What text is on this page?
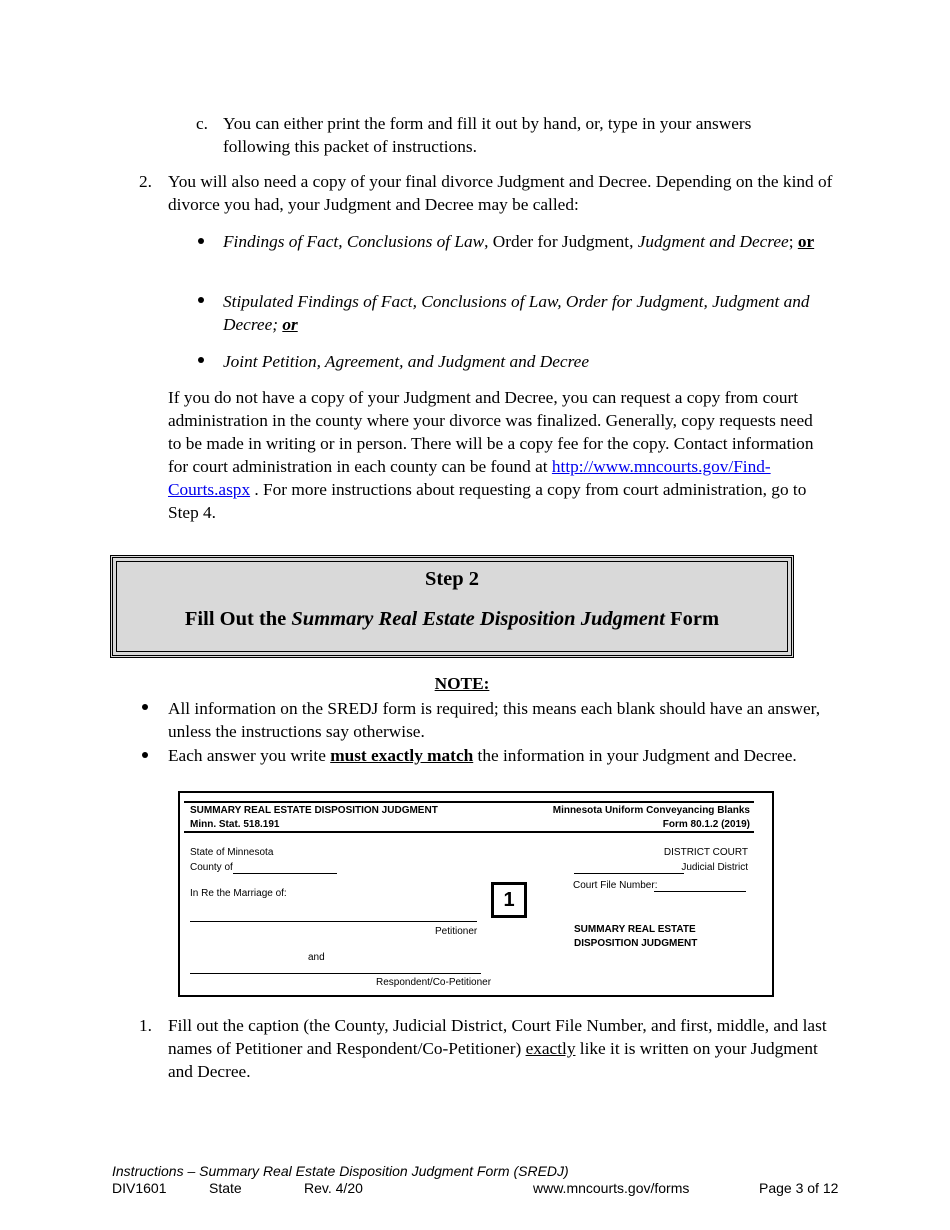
c. You can either print the form and fill it out by hand, or, type in your answers following this packet of instructions.

2. You will also need a copy of your final divorce Judgment and Decree. Depending on the kind of divorce you had, your Judgment and Decree may be called:

Findings of Fact, Conclusions of Law, Order for Judgment, Judgment and Decree; or

Stipulated Findings of Fact, Conclusions of Law, Order for Judgment, Judgment and Decree; or

Joint Petition, Agreement, and Judgment and Decree

If you do not have a copy of your Judgment and Decree, you can request a copy from court administration in the county where your divorce was finalized. Generally, copy requests need to be made in writing or in person. There will be a copy fee for the copy. Contact information for court administration in each county can be found at http://www.mncourts.gov/Find-Courts.aspx . For more instructions about requesting a copy from court administration, go to Step 4.

Step 2
Fill Out the Summary Real Estate Disposition Judgment Form
NOTE:

All information on the SREDJ form is required; this means each blank should have an answer, unless the instructions say otherwise.

Each answer you write must exactly match the information in your Judgment and Decree.

SUMMARY REAL ESTATE DISPOSITION JUDGMENT
Minn. Stat. 518.191
Minnesota Uniform Conveyancing Blanks
Form 80.1.2 (2019)
State of Minnesota
County of
DISTRICT COURT
Judicial District
Court File Number:
In Re the Marriage of:	1
Petitioner
and
Respondent/Co-Petitioner
SUMMARY REAL ESTATE
DISPOSITION JUDGMENT
1. Fill out the caption (the County, Judicial District, Court File Number, and first, middle, and last names of Petitioner and Respondent/Co-Petitioner) exactly like it is written on your Judgment and Decree.

Instructions – Summary Real Estate Disposition Judgment Form (SREDJ)
DIV1601	State	Rev. 4/20	www.mncourts.gov/forms	Page 3 of 12
